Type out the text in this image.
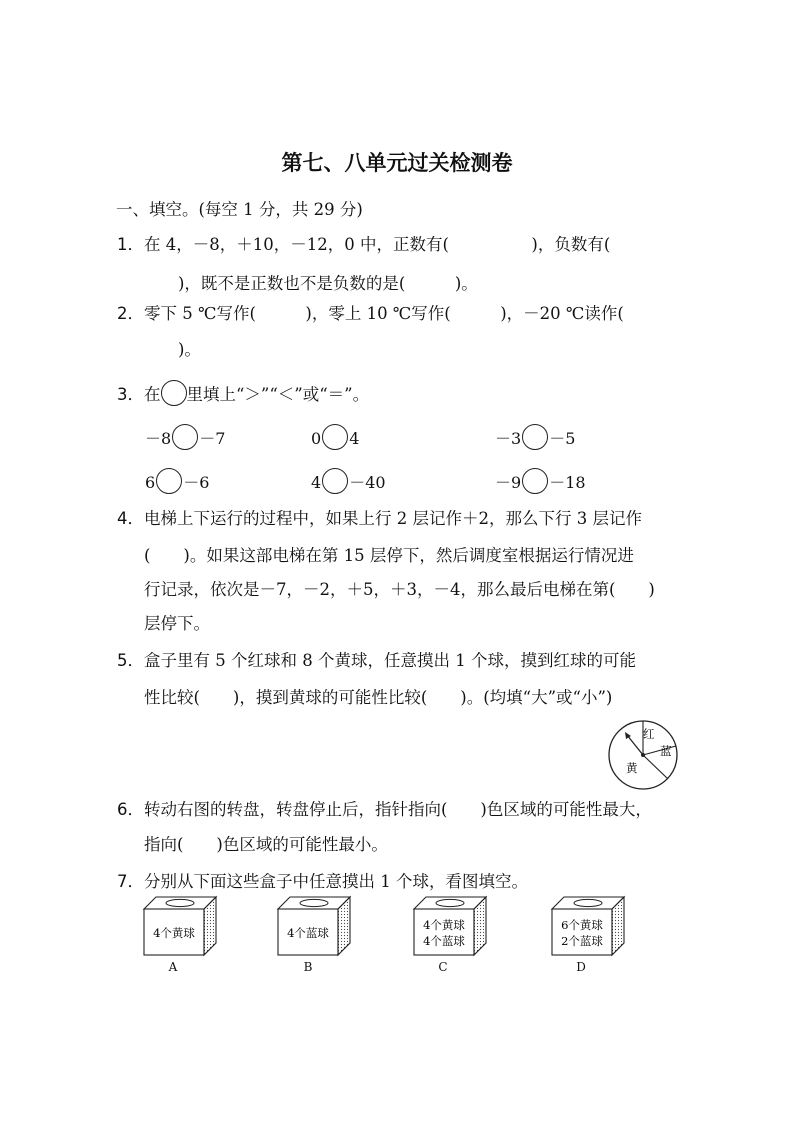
第七、八单元过关检测卷
一、填空。(每空 1 分，共 29 分)
1．在 4，－8，＋10，－12，0 中，正数有(　　　　　)，负数有(
)，既不是正数也不是负数的是(　　　)。
2．零下 5 ℃写作(　　　)，零上 10 ℃写作(　　　)，－20 ℃读作(
)。
3．在 里填上“＞”“＜”或“＝”。
－8 －7	0 4	－3 －5
6 －6	4 －40	－9 －18
4．电梯上下运行的过程中，如果上行 2 层记作＋2，那么下行 3 层记作
(　　)。如果这部电梯在第 15 层停下，然后调度室根据运行情况进
行记录，依次是－7，－2，＋5，＋3，－4，那么最后电梯在第(　　)
层停下。
5．盒子里有 5 个红球和 8 个黄球，任意摸出 1 个球，摸到红球的可能
性比较(　　)，摸到黄球的可能性比较(　　)。(均填“大”或“小”)
红
蓝
黄
6．转动右图的转盘，转盘停止后，指针指向(　　)色区域的可能性最大，
指向(　　)色区域的可能性最小。
7．分别从下面这些盒子中任意摸出 1 个球，看图填空。
4个黄球
A
4个蓝球
B
4个黄球
4个蓝球
C
6个黄球
2个蓝球
D
